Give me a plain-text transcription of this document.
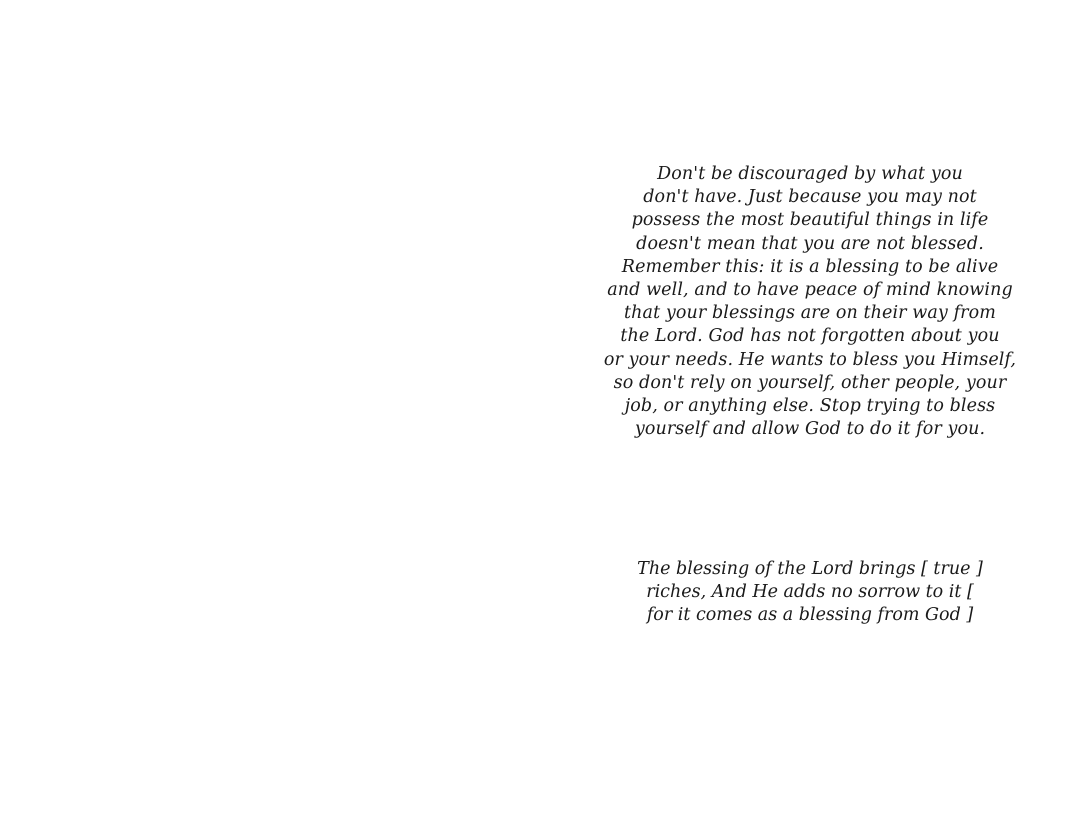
Don't be discouraged by what you
don't have. Just because you may not
possess the most beautiful things in life
doesn't mean that you are not blessed.
Remember this: it is a blessing to be alive
and well, and to have peace of mind knowing
that your blessings are on their way from
the Lord. God has not forgotten about you
or your needs. He wants to bless you Himself,
so don't rely on yourself, other people, your
job, or anything else. Stop trying to bless
yourself and allow God to do it for you.
The blessing of the Lord brings [ true ]
riches, And He adds no sorrow to it [
for it comes as a blessing from God ]
